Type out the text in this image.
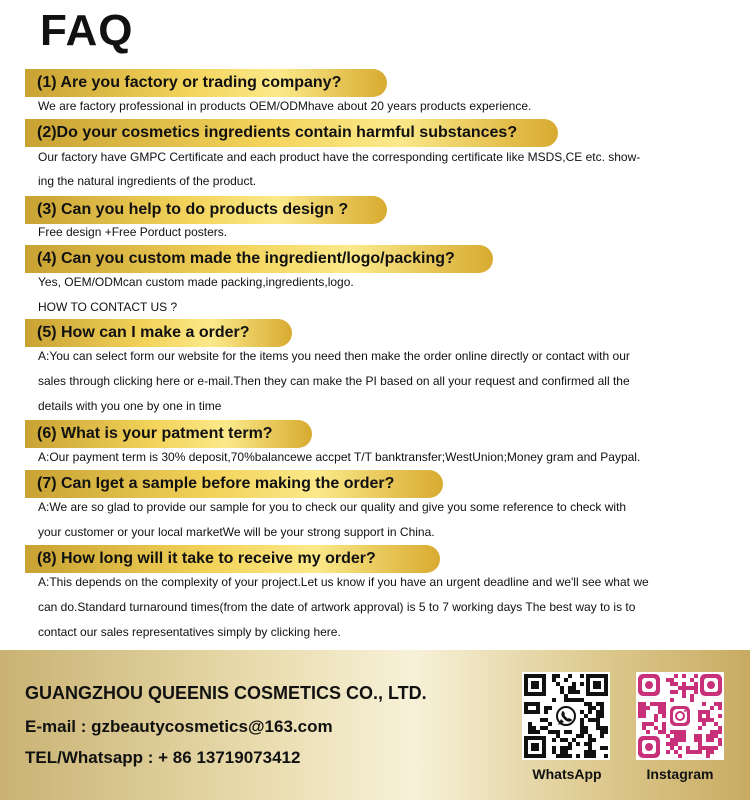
FAQ
(1) Are you factory or trading company?
We are factory professional in products OEM/ODMhave about 20 years products experience.
(2)Do your cosmetics ingredients contain harmful substances?
Our factory have GMPC Certificate and each product have the corresponding certificate like MSDS,CE etc. show-
ing the natural ingredients of the product.
(3) Can you help to do products design ?
Free design +Free Porduct posters.
(4) Can you custom made the ingredient/logo/packing?
Yes, OEM/ODMcan custom made packing,ingredients,logo.
HOW TO CONTACT US ?
(5) How can I make a order?
A:You can select form our website for the items you need then make the order online directly or contact with our
sales through clicking here or e-mail.Then they can make the PI based on all your request and confirmed all the
details with you one by one in time
(6) What is your patment term?
A:Our payment term is 30% deposit,70%balancewe accpet T/T banktransfer;WestUnion;Money gram and Paypal.
(7) Can Iget a sample before making the order?
A:We are so glad to provide our sample for you to check our quality and give you some reference to check with
your customer or your local marketWe will be your strong support in China.
(8) How long will it take to receive my order?
A:This depends on the complexity of your project.Let us know if you have an urgent deadline and we'll see what we
can do.Standard turnaround times(from the date of artwork approval) is 5 to 7 working days The best way to is to
contact our sales representatives simply by clicking here.
GUANGZHOU QUEENIS COSMETICS CO., LTD.
E-mail : gzbeautycosmetics@163.com
TEL/Whatsapp : + 86 13719073412
WhatsApp	Instagram
